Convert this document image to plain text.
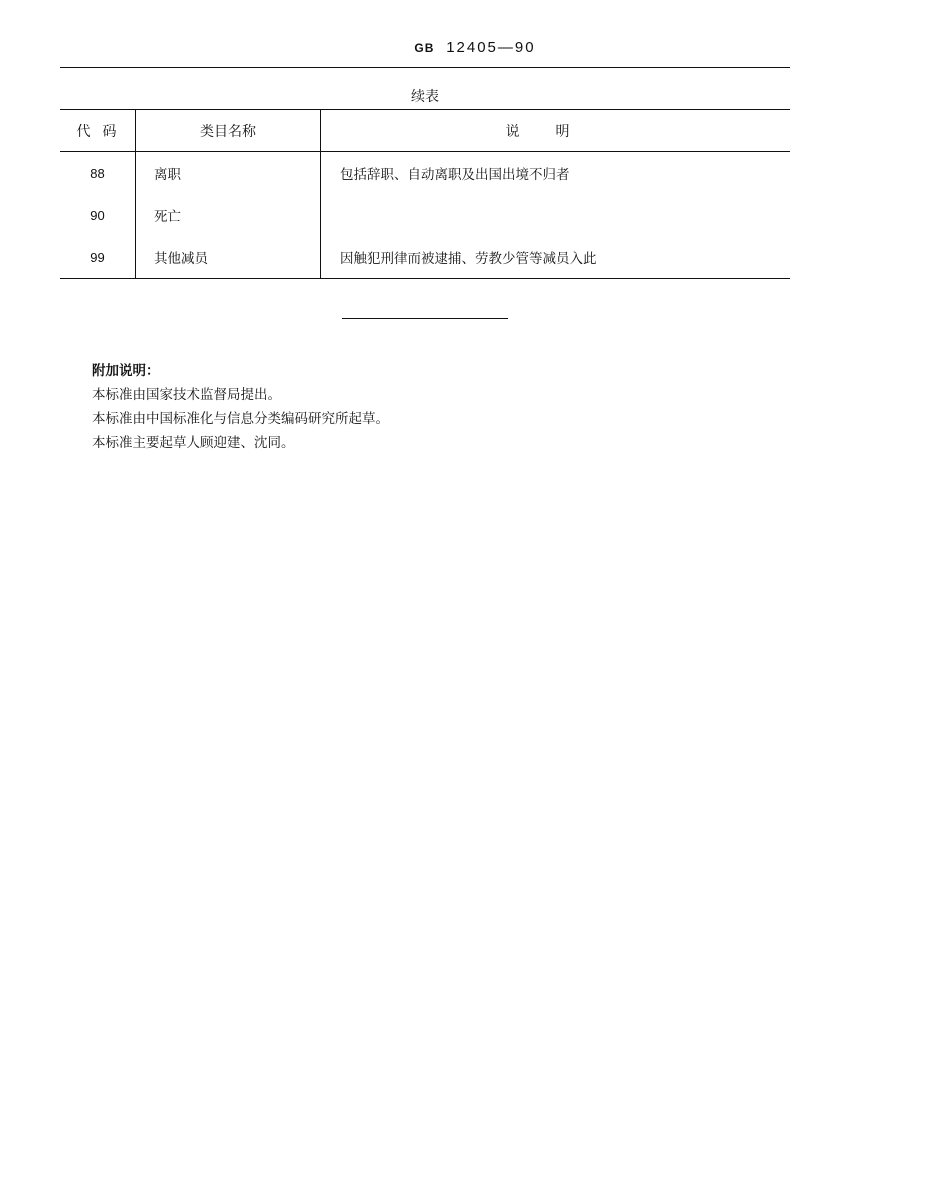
GB 12405—90
续表
代码	类目名称	说明
88	离职	包括辞职、自动离职及出国出境不归者
90	死亡	
99	其他减员	因触犯刑律而被逮捕、劳教少管等减员入此
附加说明：
本标准由国家技术监督局提出。
本标准由中国标准化与信息分类编码研究所起草。
本标准主要起草人顾迎建、沈同。
